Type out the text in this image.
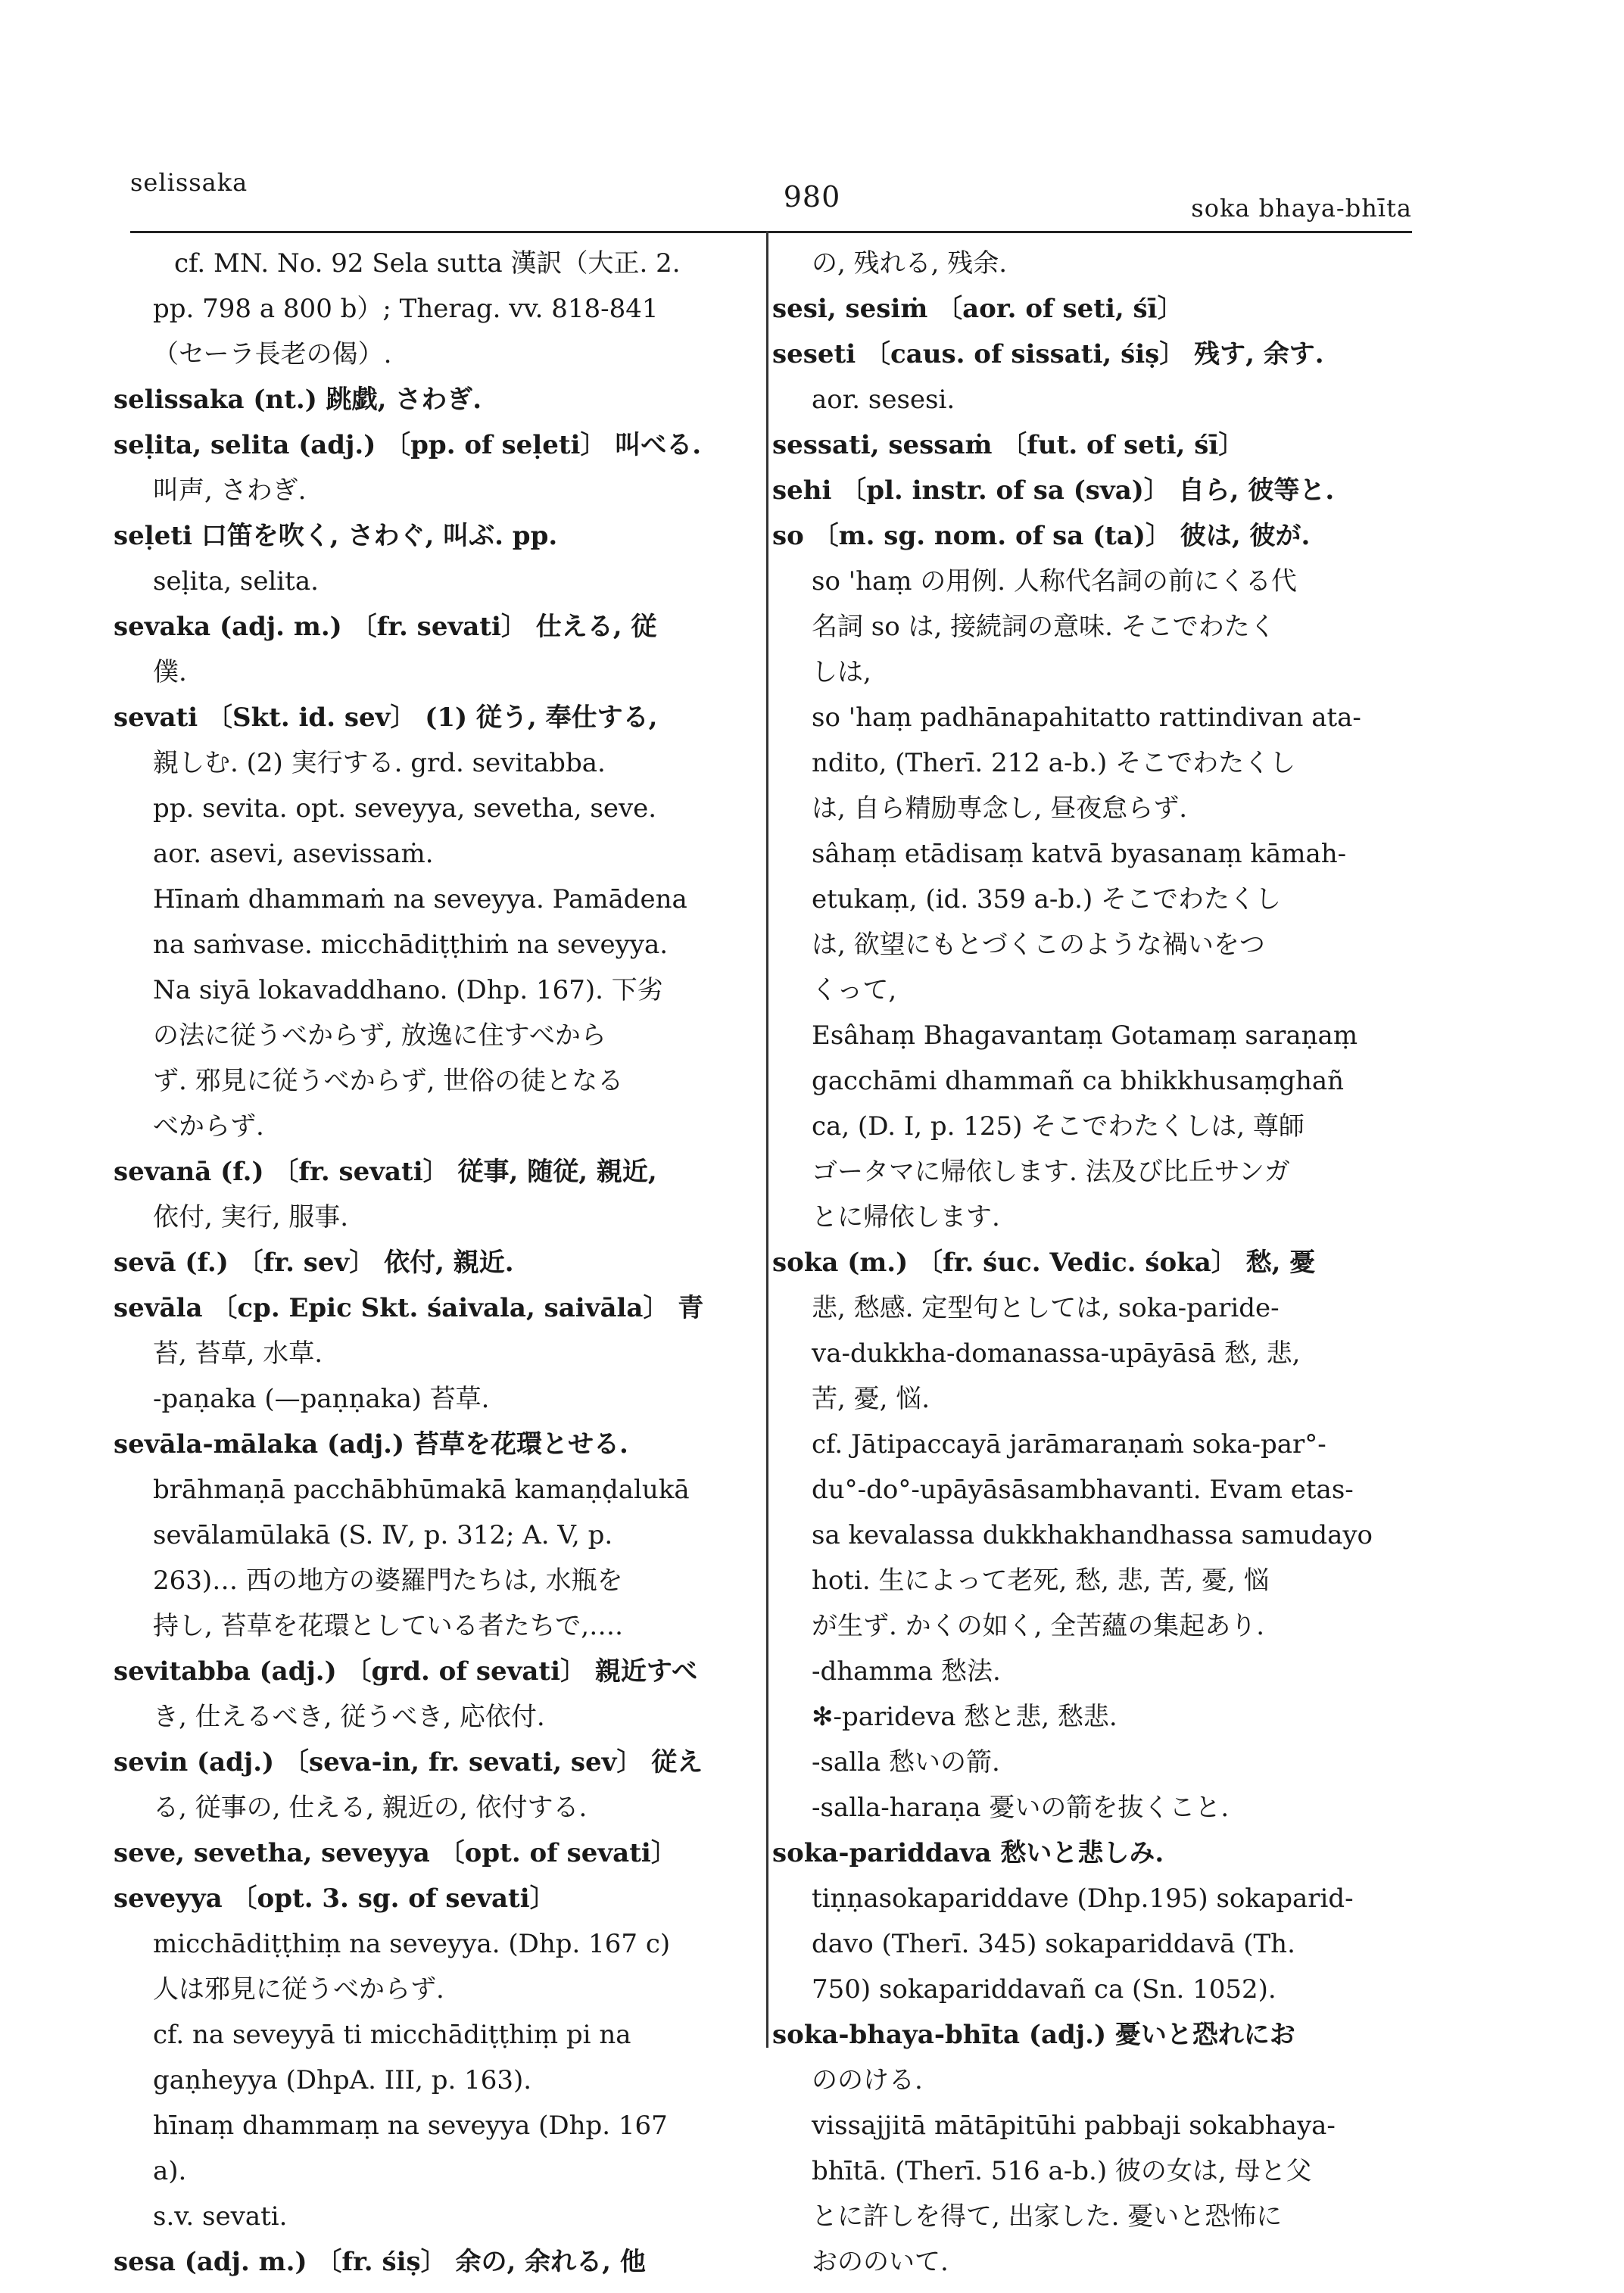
selissaka	980	soka bhaya-bhīta
cf. MN. No. 92 Sela sutta 漢訳（大正. 2.
pp. 798 a 800 b）; Therag. vv. 818-841
（セーラ長老の偈）.
selissaka (nt.) 跳戯, さわぎ.
seḷita, selita (adj.) 〔pp. of seḷeti〕 叫べる.
叫声, さわぎ.
seḷeti 口笛を吹く, さわぐ, 叫ぶ. pp.
seḷita, selita.
sevaka (adj. m.) 〔fr. sevati〕 仕える, 従
僕.
sevati 〔Skt. id. sev〕 (1) 従う, 奉仕する,
親しむ. (2) 実行する. grd. sevitabba.
pp. sevita. opt. seveyya, sevetha, seve.
aor. asevi, asevissaṁ.
Hīnaṁ dhammaṁ na seveyya. Pamādena
na saṁvase. micchādiṭṭhiṁ na seveyya.
Na siyā lokavaddhano. (Dhp. 167). 下劣
の法に従うべからず, 放逸に住すべから
ず. 邪見に従うべからず, 世俗の徒となる
べからず.
sevanā (f.) 〔fr. sevati〕 従事, 随従, 親近,
依付, 実行, 服事.
sevā (f.) 〔fr. sev〕 依付, 親近.
sevāla 〔cp. Epic Skt. śaivala, saivāla〕 青
苔, 苔草, 水草.
-paṇaka (—paṇṇaka) 苔草.
sevāla-mālaka (adj.) 苔草を花環とせる.
brāhmaṇā pacchābhūmakā kamaṇḍalukā
sevālamūlakā (S. Ⅳ, p. 312; A. V, p.
263)… 西の地方の婆羅門たちは, 水瓶を
持し, 苔草を花環としている者たちで,….
sevitabba (adj.) 〔grd. of sevati〕 親近すべ
き, 仕えるべき, 従うべき, 応依付.
sevin (adj.) 〔seva-in, fr. sevati, sev〕 従え
る, 従事の, 仕える, 親近の, 依付する.
seve, sevetha, seveyya 〔opt. of sevati〕
seveyya 〔opt. 3. sg. of sevati〕
micchādiṭṭhiṃ na seveyya. (Dhp. 167 c)
人は邪見に従うべからず.
cf. na seveyyā ti micchādiṭṭhiṃ pi na
gaṇheyya (DhpA. III, p. 163).
hīnaṃ dhammaṃ na seveyya (Dhp. 167
a).
s.v. sevati.
sesa (adj. m.) 〔fr. śiṣ〕 余の, 余れる, 他
の, 残れる, 残余.
sesi, sesiṁ 〔aor. of seti, śī〕
seseti 〔caus. of sissati, śiṣ〕 残す, 余す.
aor. sesesi.
sessati, sessaṁ 〔fut. of seti, śī〕
sehi 〔pl. instr. of sa (sva)〕 自ら, 彼等と.
so 〔m. sg. nom. of sa (ta)〕 彼は, 彼が.
so 'haṃ の用例. 人称代名詞の前にくる代
名詞 so は, 接続詞の意味. そこでわたく
しは,
so 'haṃ padhānapahitatto rattindivan ata-
ndito, (Therī. 212 a-b.) そこでわたくし
は, 自ら精励専念し, 昼夜怠らず.
sâhaṃ etādisaṃ katvā byasanaṃ kāmah-
etukaṃ, (id. 359 a-b.) そこでわたくし
は, 欲望にもとづくこのような禍いをつ
くって,
Esâhaṃ Bhagavantaṃ Gotamaṃ saraṇaṃ
gacchāmi dhammañ ca bhikkhusaṃghañ
ca, (D. I, p. 125) そこでわたくしは, 尊師
ゴータマに帰依します. 法及び比丘サンガ
とに帰依します.
soka (m.) 〔fr. śuc. Vedic. śoka〕 愁, 憂
悲, 愁感. 定型句としては, soka-paride-
va-dukkha-domanassa-upāyāsā 愁, 悲,
苦, 憂, 悩.
cf. Jātipaccayā jarāmaraṇaṁ soka-par°-
du°-do°-upāyāsāsambhavanti. Evam etas-
sa kevalassa dukkhakhandhassa samudayo
hoti. 生によって老死, 愁, 悲, 苦, 憂, 悩
が生ず. かくの如く, 全苦蘊の集起あり.
-dhamma 愁法.
✻-parideva 愁と悲, 愁悲.
-salla 愁いの箭.
-salla-haraṇa 憂いの箭を抜くこと.
soka-pariddava 愁いと悲しみ.
tiṇṇasokapariddave (Dhp.195) sokaparid-
davo (Therī. 345) sokapariddavā (Th.
750) sokapariddavañ ca (Sn. 1052).
soka-bhaya-bhīta (adj.) 憂いと恐れにお
ののける.
vissajjitā mātāpitūhi pabbaji sokabhaya-
bhītā. (Therī. 516 a-b.) 彼の女は, 母と父
とに許しを得て, 出家した. 憂いと恐怖に
おののいて.
